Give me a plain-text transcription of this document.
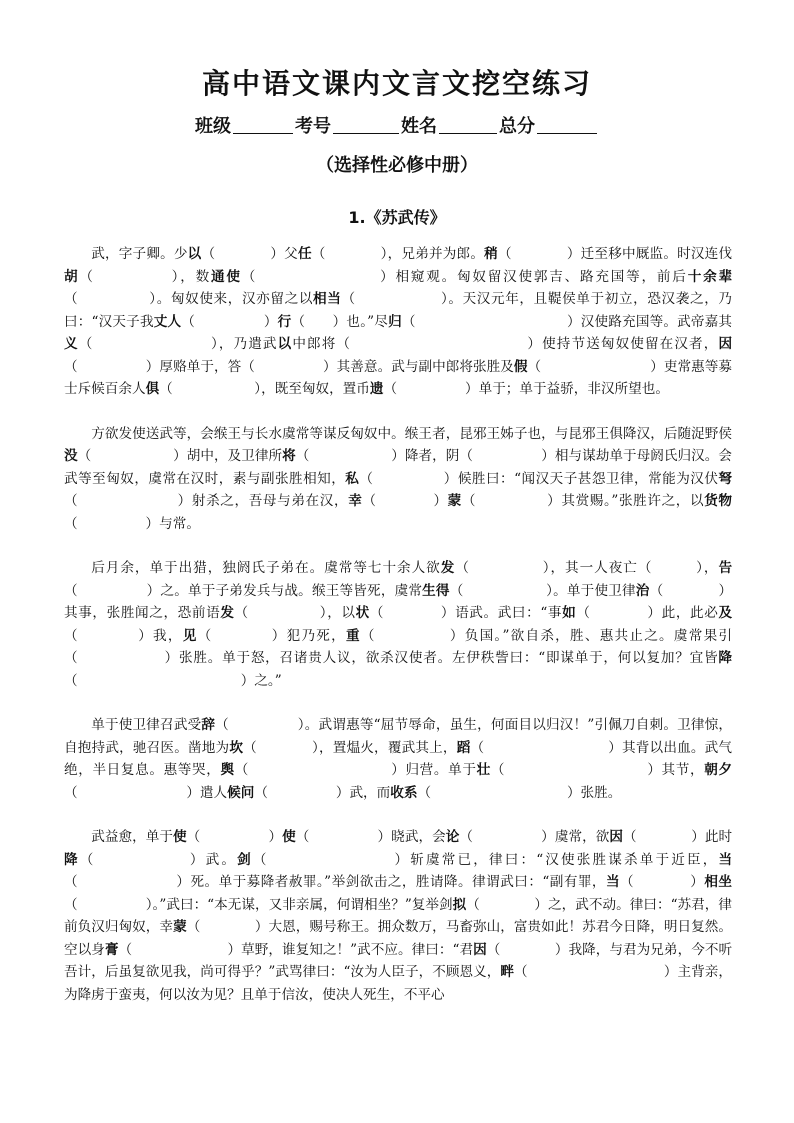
高中语文课内文言文挖空练习
班级	考号	姓名	总分
（选择性必修中册）
1.《苏武传》

武，字子卿。少以（　　　　）父任（　　　　），兄弟并为郎。稍（　　　　）迁至移中厩监。时汉连伐胡（　　　　　），数通使（　　　　　　　　）相窥观。匈奴留汉使郭吉、路充国等，前后十余辈（　　　　　）。匈奴使来，汉亦留之以相当（　　　　　　）。天汉元年，且鞮侯单于初立，恐汉袭之，乃曰：“汉天子我丈人（　　　　　）行（　　）也。”尽归（　　　　　　　　　　　）汉使路充国等。武帝嘉其义（　　　　　　　　），乃遣武以中郎将（　　　　　　　　　　　　）使持节送匈奴使留在汉者，因（　　　　　）厚赂单于，答（　　　　　）其善意。武与副中郎将张胜及假（　　　　　　　　）吏常惠等募士斥候百余人俱（　　　　　　），既至匈奴，置币遗（　　　　　）单于；单于益骄，非汉所望也。

方欲发使送武等，会缑王与长水虞常等谋反匈奴中。缑王者，昆邪王姊子也，与昆邪王俱降汉，后随浞野侯没（　　　　　　）胡中，及卫律所将（　　　　　　）降者，阴（　　　　　）相与谋劫单于母阏氏归汉。会武等至匈奴，虞常在汉时，素与副张胜相知，私（　　　　　）候胜曰：“闻汉天子甚怨卫律，常能为汉伏弩（　　　　　　　）射杀之，吾母与弟在汉，幸（　　　　）蒙（　　　　　）其赏赐。”张胜许之，以货物（　　　　　）与常。

后月余，单于出猎，独阏氏子弟在。虞常等七十余人欲发（　　　　　），其一人夜亡（　　　），告（　　　　　）之。单于子弟发兵与战。缑王等皆死，虞常生得（　　　　　　）。单于使卫律治（　　　　）其事，张胜闻之，恐前语发（　　　　　），以状（　　　　）语武。武曰：“事如（　　　　）此，此必及（　　　　）我，见（　　　　）犯乃死，重（　　　　　）负国。”欲自杀，胜、惠共止之。虞常果引（　　　　　　）张胜。单于怒，召诸贵人议，欲杀汉使者。左伊秩訾曰：“即谋单于，何以复加？宜皆降（　　　　　　　　　　　　）之。”

单于使卫律召武受辞（　　　　　）。武谓惠等“屈节辱命，虽生，何面目以归汉！”引佩刀自刺。卫律惊，自抱持武，驰召医。凿地为坎（　　　　），置煴火，覆武其上，蹈（　　　　　　　　　）其背以出血。武气绝，半日复息。惠等哭，舆（　　　　　　　　　　）归营。单于壮（　　　　　　　　　　）其节，朝夕（　　　　　　　　）遣人候问（　　　　　）武，而收系（　　　　　　　　　　）张胜。

武益愈，单于使（　　　　　）使（　　　　　）晓武，会论（　　　　　）虞常，欲因（　　　　）此时降（　　　　　　）武。剑（　　　　　　　　）斩虞常已，律曰：“汉使张胜谋杀单于近臣，当（　　　　　　　）死。单于募降者赦罪。”举剑欲击之，胜请降。律谓武曰：“副有罪，当（　　　　）相坐（　　　　　）。”武曰：“本无谋，又非亲属，何谓相坐？”复举剑拟（　　　　）之，武不动。律曰：“苏君，律前负汉归匈奴，幸蒙（　　　　）大恩，赐号称王。拥众数万，马畜弥山，富贵如此！苏君今日降，明日复然。空以身膏（　　　　　　　）草野，谁复知之！”武不应。律曰：“君因（　　　　）我降，与君为兄弟，今不听吾计，后虽复欲见我，尚可得乎？”武骂律曰：“汝为人臣子，不顾恩义，畔（　　　　　　　　　　）主背亲，为降虏于蛮夷，何以汝为见？且单于信汝，使决人死生，不平心
